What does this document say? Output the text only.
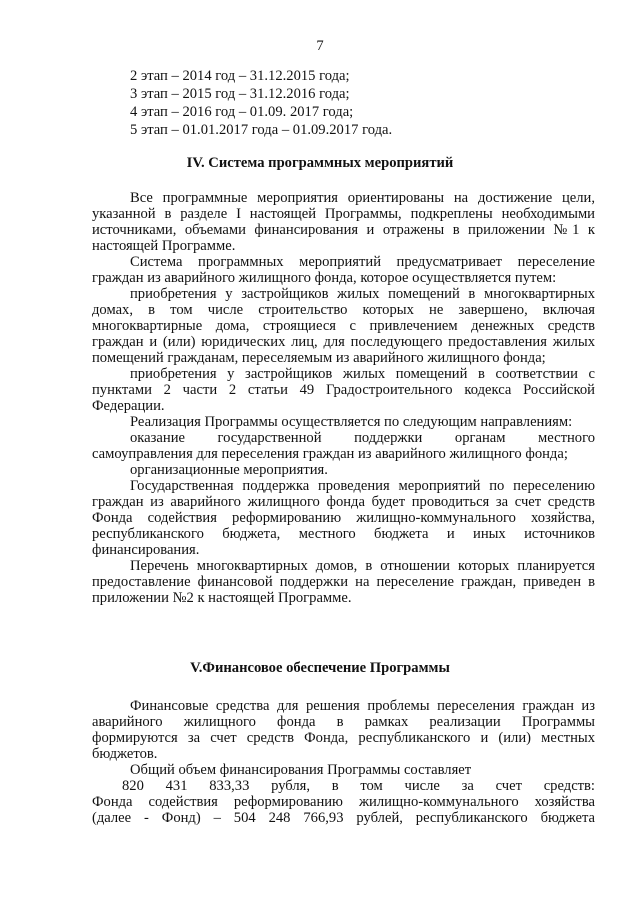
7
2 этап – 2014 год – 31.12.2015 года;
3 этап – 2015 год – 31.12.2016 года;
4 этап – 2016 год – 01.09. 2017 года;
5 этап – 01.01.2017 года – 01.09.2017 года.
IV. Система программных мероприятий
Все программные мероприятия ориентированы на достижение цели,
указанной в разделе I настоящей Программы, подкреплены необходимыми
источниками, объемами финансирования и отражены в приложении №1 к
настоящей Программе.
Система программных мероприятий предусматривает переселение
граждан из аварийного жилищного фонда, которое осуществляется путем:
приобретения у застройщиков жилых помещений в многоквартирных
домах, в том числе строительство которых не завершено, включая
многоквартирные дома, строящиеся с привлечением денежных средств
граждан и (или) юридических лиц, для последующего предоставления жилых
помещений гражданам, переселяемым из аварийного жилищного фонда;
приобретения у застройщиков жилых помещений в соответствии с
пунктами 2 части 2 статьи 49 Градостроительного кодекса Российской
Федерации.
Реализация Программы осуществляется по следующим направлениям:
оказание государственной поддержки органам местного
самоуправления для переселения граждан из аварийного жилищного фонда;
организационные мероприятия.
Государственная поддержка проведения мероприятий по переселению
граждан из аварийного жилищного фонда будет проводиться за счет средств
Фонда содействия реформированию жилищно-коммунального хозяйства,
республиканского бюджета, местного бюджета и иных источников
финансирования.
Перечень многоквартирных домов, в отношении которых планируется
предоставление финансовой поддержки на переселение граждан, приведен в
приложении №2 к настоящей Программе.
V.Финансовое обеспечение Программы
Финансовые средства для решения проблемы переселения граждан из
аварийного жилищного фонда в рамках реализации Программы
формируются за счет средств Фонда, республиканского и (или) местных
бюджетов.
Общий объем финансирования Программы составляет
820 431 833,33 рубля, в том числе за счет средств:
Фонда содействия реформированию жилищно-коммунального хозяйства
(далее - Фонд) – 504 248 766,93 рублей, республиканского бюджета
